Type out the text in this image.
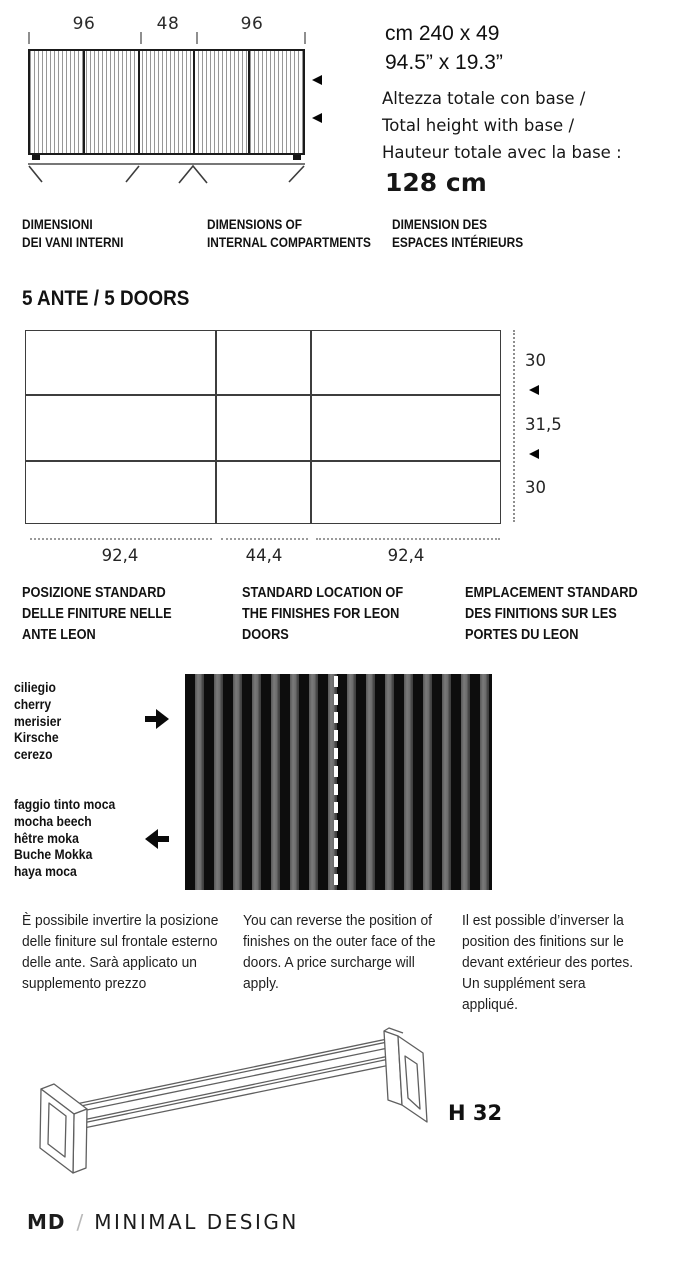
96	48	96	cm 240 x 49
94.5” x 19.3”
Altezza totale con base /
Total height with base /
Hauteur totale avec la base :
128 cm
DIMENSIONI
DEI VANI INTERNI
DIMENSIONS OF
INTERNAL COMPARTMENTS
DIMENSION DES
ESPACES INTÉRIEURS
5 ANTE / 5 DOORS
30
31,5
30
92,4	44,4	92,4
POSIZIONE STANDARD
DELLE FINITURE NELLE
ANTE LEON
STANDARD LOCATION OF
THE FINISHES FOR LEON
DOORS
EMPLACEMENT STANDARD
DES FINITIONS SUR LES
PORTES DU LEON
ciliegio
cherry
merisier
Kirsche
cerezo
faggio tinto moca
mocha beech
hêtre moka
Buche Mokka
haya moca
È possibile invertire la posizione
delle finiture sul frontale esterno
delle ante. Sarà applicato un
supplemento prezzo
You can reverse the position of
finishes on the outer face of the
doors. A price surcharge will
apply.
Il est possible d’inverser la
position des finitions sur le
devant extérieur des portes.
Un supplément sera
appliqué.
H 32
MD / MINIMAL DESIGN
